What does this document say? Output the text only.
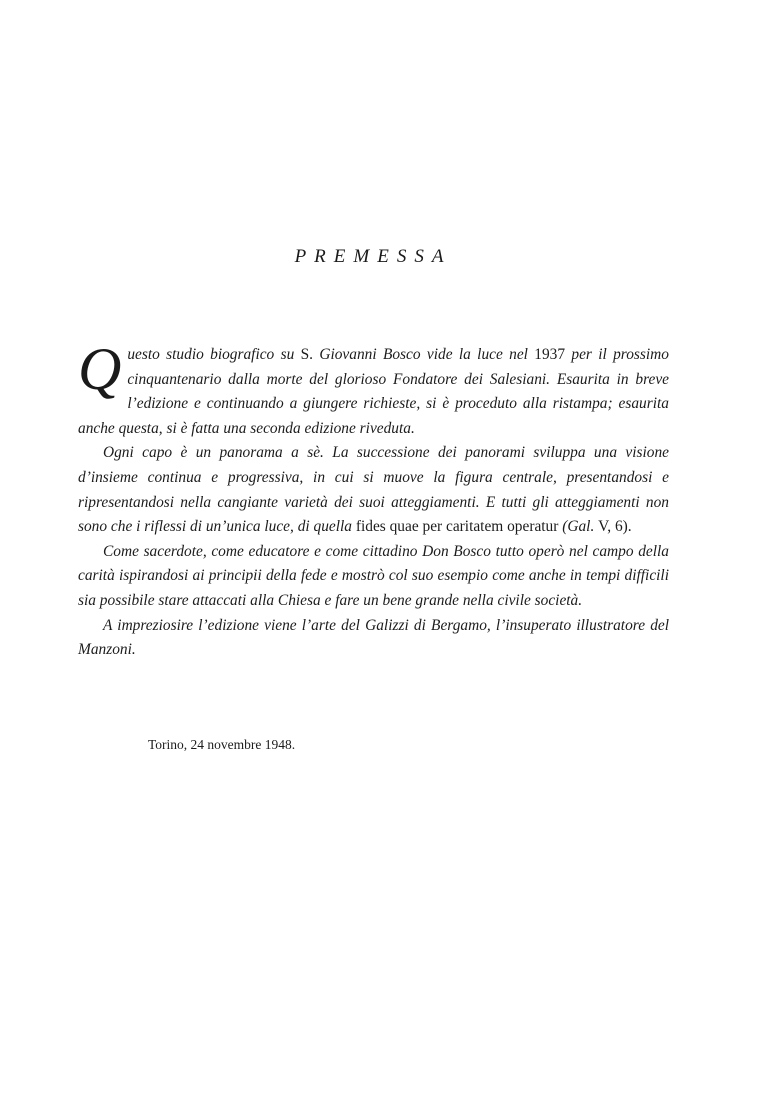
PREMESSA

Questo studio biografico su S. Giovanni Bosco vide la luce nel 1937 per il prossimo cinquantenario dalla morte del glorioso Fondatore dei Salesiani. Esaurita in breve l’edizione e continuando a giungere richieste, si è proceduto alla ristampa; esaurita anche questa, si è fatta una seconda edizione riveduta.

Ogni capo è un panorama a sè. La successione dei panorami sviluppa una visione d’insieme continua e progressiva, in cui si muove la figura centrale, presentandosi e ripresentandosi nella cangiante varietà dei suoi atteggiamenti. E tutti gli atteggiamenti non sono che i riflessi di un’unica luce, di quella fides quae per caritatem operatur (Gal. V, 6).

Come sacerdote, come educatore e come cittadino Don Bosco tutto operò nel campo della carità ispirandosi ai principii della fede e mostrò col suo esempio come anche in tempi difficili sia possibile stare attaccati alla Chiesa e fare un bene grande nella civile società.

A impreziosire l’edizione viene l’arte del Galizzi di Bergamo, l’insuperato illustratore del Manzoni.

Torino, 24 novembre 1948.
